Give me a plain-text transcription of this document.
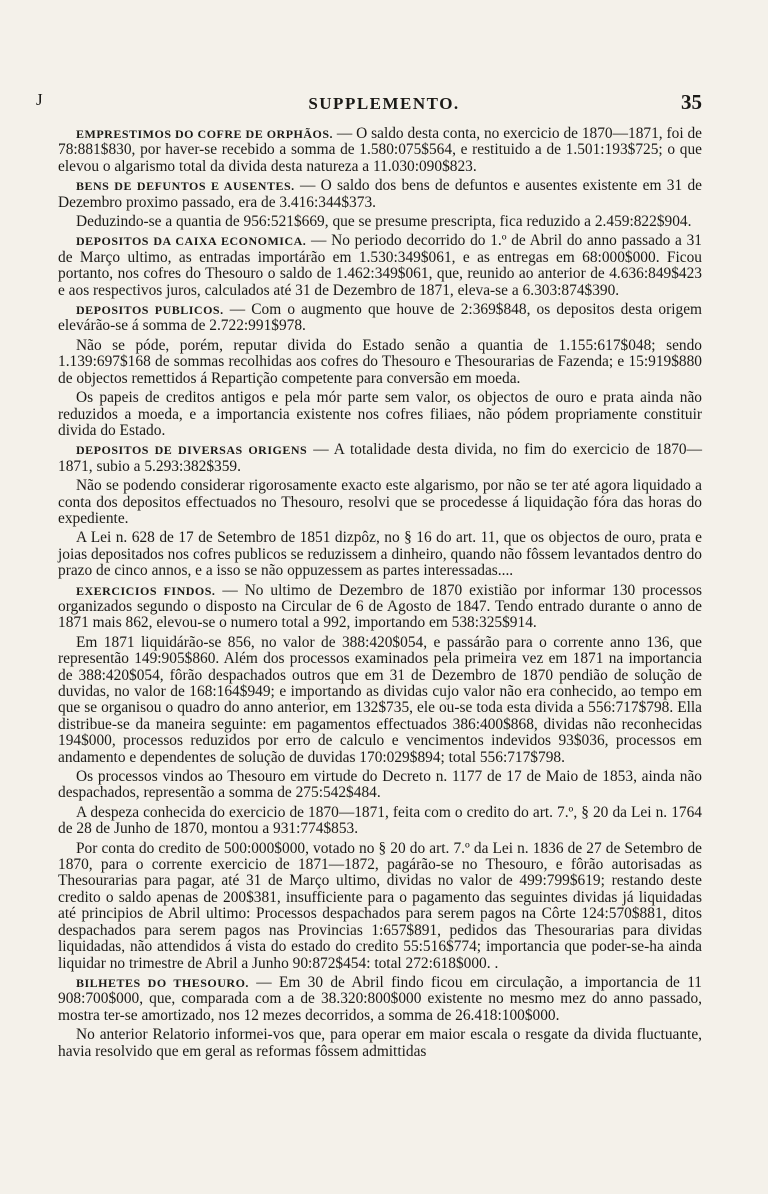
J	SUPPLEMENTO.	35

EMPRESTIMOS DO COFRE DE ORPHÃOS. — O saldo desta conta, no exercicio de 1870—1871, foi de 78:881$830, por haver-se recebido a somma de 1.580:075$564, e restituido a de 1.501:193$725; o que elevou o algarismo total da divida desta natureza a 11.030:090$823.

BENS DE DEFUNTOS E AUSENTES. — O saldo dos bens de defuntos e ausentes existente em 31 de Dezembro proximo passado, era de 3.416:344$373.

Deduzindo-se a quantia de 956:521$669, que se presume prescripta, fica reduzido a 2.459:822$904.

DEPOSITOS DA CAIXA ECONOMICA. — No periodo decorrido do 1.º de Abril do anno passado a 31 de Março ultimo, as entradas importárão em 1.530:349$061, e as entregas em 68:000$000. Ficou portanto, nos cofres do Thesouro o saldo de 1.462:349$061, que, reunido ao anterior de 4.636:849$423 e aos respectivos juros, calculados até 31 de Dezembro de 1871, eleva-se a 6.303:874$390.

DEPOSITOS PUBLICOS. — Com o augmento que houve de 2:369$848, os depositos desta origem elevárão-se á somma de 2.722:991$978.

Não se póde, porém, reputar divida do Estado senão a quantia de 1.155:617$048; sendo 1.139:697$168 de sommas recolhidas aos cofres do Thesouro e Thesourarias de Fazenda; e 15:919$880 de objectos remettidos á Repartição competente para conversão em moeda.

Os papeis de creditos antigos e pela mór parte sem valor, os objectos de ouro e prata ainda não reduzidos a moeda, e a importancia existente nos cofres filiaes, não pódem propriamente constituir divida do Estado.

DEPOSITOS DE DIVERSAS ORIGENS — A totalidade desta divida, no fim do exercicio de 1870—1871, subio a 5.293:382$359.

Não se podendo considerar rigorosamente exacto este algarismo, por não se ter até agora liquidado a conta dos depositos effectuados no Thesouro, resolvi que se procedesse á liquidação fóra das horas do expediente.

A Lei n. 628 de 17 de Setembro de 1851 dizpôz, no § 16 do art. 11, que os objectos de ouro, prata e joias depositados nos cofres publicos se reduzissem a dinheiro, quando não fôssem levantados dentro do prazo de cinco annos, e a isso se não oppuzessem as partes interessadas....

EXERCICIOS FINDOS. — No ultimo de Dezembro de 1870 existião por informar 130 processos organizados segundo o disposto na Circular de 6 de Agosto de 1847. Tendo entrado durante o anno de 1871 mais 862, elevou-se o numero total a 992, importando em 538:325$914.

Em 1871 liquidárão-se 856, no valor de 388:420$054, e passárão para o corrente anno 136, que representão 149:905$860. Além dos processos examinados pela primeira vez em 1871 na importancia de 388:420$054, fôrão despachados outros que em 31 de Dezembro de 1870 pendião de solução de duvidas, no valor de 168:164$949; e importando as dividas cujo valor não era conhecido, ao tempo em que se organisou o quadro do anno anterior, em 132$735, ele ou-se toda esta divida a 556:717$798. Ella distribue-se da maneira seguinte: em pagamentos effectuados 386:400$868, dividas não reconhecidas 194$000, processos reduzidos por erro de calculo e vencimentos indevidos 93$036, processos em andamento e dependentes de solução de duvidas 170:029$894; total 556:717$798.

Os processos vindos ao Thesouro em virtude do Decreto n. 1177 de 17 de Maio de 1853, ainda não despachados, representão a somma de 275:542$484.

A despeza conhecida do exercicio de 1870—1871, feita com o credito do art. 7.º, § 20 da Lei n. 1764 de 28 de Junho de 1870, montou a 931:774$853.

Por conta do credito de 500:000$000, votado no § 20 do art. 7.º da Lei n. 1836 de 27 de Setembro de 1870, para o corrente exercicio de 1871—1872, pagárão-se no Thesouro, e fôrão autorisadas as Thesourarias para pagar, até 31 de Março ultimo, dividas no valor de 499:799$619; restando deste credito o saldo apenas de 200$381, insufficiente para o pagamento das seguintes dividas já liquidadas até principios de Abril ultimo: Processos despachados para serem pagos na Côrte 124:570$881, ditos despachados para serem pagos nas Provincias 1:657$891, pedidos das Thesourarias para dividas liquidadas, não attendidos á vista do estado do credito 55:516$774; importancia que poder-se-ha ainda liquidar no trimestre de Abril a Junho 90:872$454: total 272:618$000. .

BILHETES DO THESOURO. — Em 30 de Abril findo ficou em circulação, a importancia de 11 908:700$000, que, comparada com a de 38.320:800$000 existente no mesmo mez do anno passado, mostra ter-se amortizado, nos 12 mezes decorridos, a somma de 26.418:100$000.

No anterior Relatorio informei-vos que, para operar em maior escala o resgate da divida fluctuante, havia resolvido que em geral as reformas fôssem admittidas
